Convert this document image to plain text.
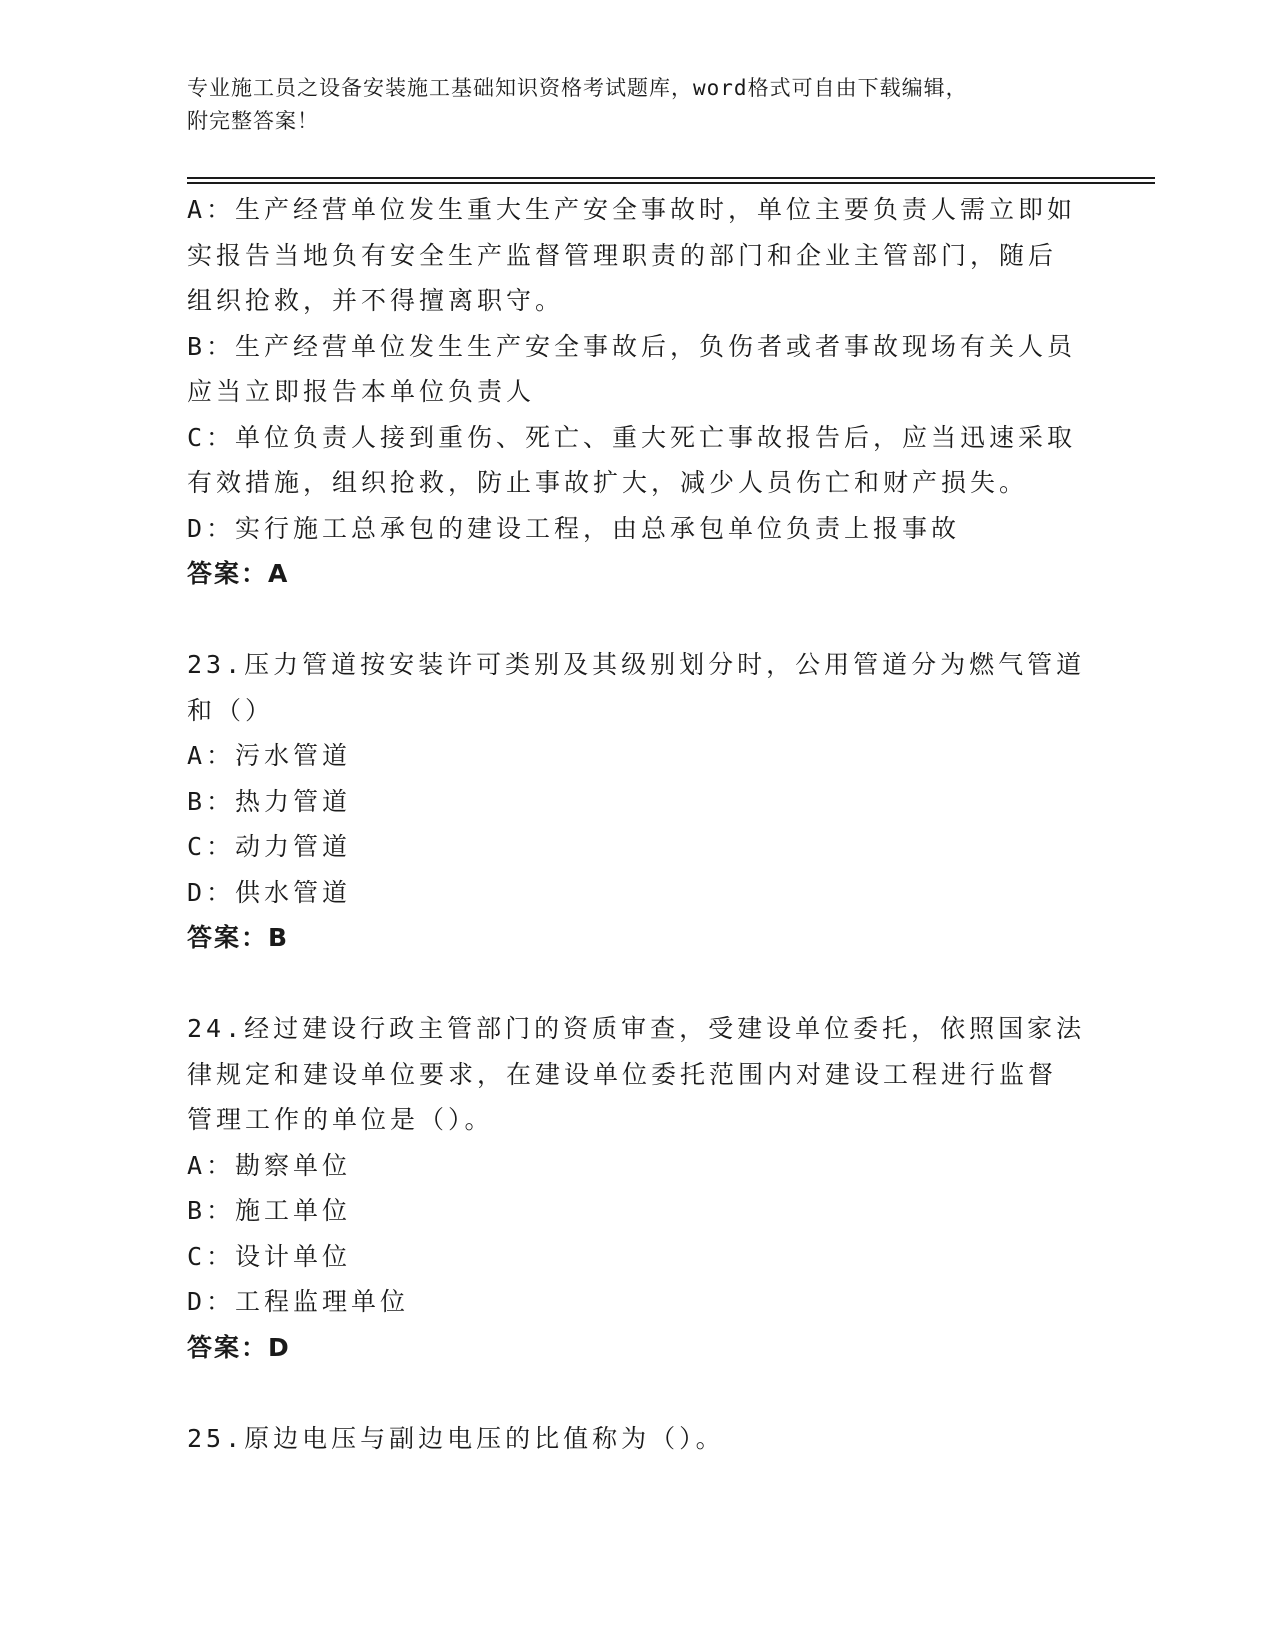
专业施工员之设备安装施工基础知识资格考试题库，word格式可自由下载编辑，
附完整答案！
A：生产经营单位发生重大生产安全事故时，单位主要负责人需立即如
实报告当地负有安全生产监督管理职责的部门和企业主管部门，随后
组织抢救，并不得擅离职守。
B：生产经营单位发生生产安全事故后，负伤者或者事故现场有关人员
应当立即报告本单位负责人
C：单位负责人接到重伤、死亡、重大死亡事故报告后，应当迅速采取
有效措施，组织抢救，防止事故扩大，减少人员伤亡和财产损失。
D：实行施工总承包的建设工程，由总承包单位负责上报事故
答案：A
23.压力管道按安装许可类别及其级别划分时，公用管道分为燃气管道
和（）
A：污水管道
B：热力管道
C：动力管道
D：供水管道
答案：B
24.经过建设行政主管部门的资质审查，受建设单位委托，依照国家法
律规定和建设单位要求，在建设单位委托范围内对建设工程进行监督
管理工作的单位是（）。
A：勘察单位
B：施工单位
C：设计单位
D：工程监理单位
答案：D
25.原边电压与副边电压的比值称为（）。
